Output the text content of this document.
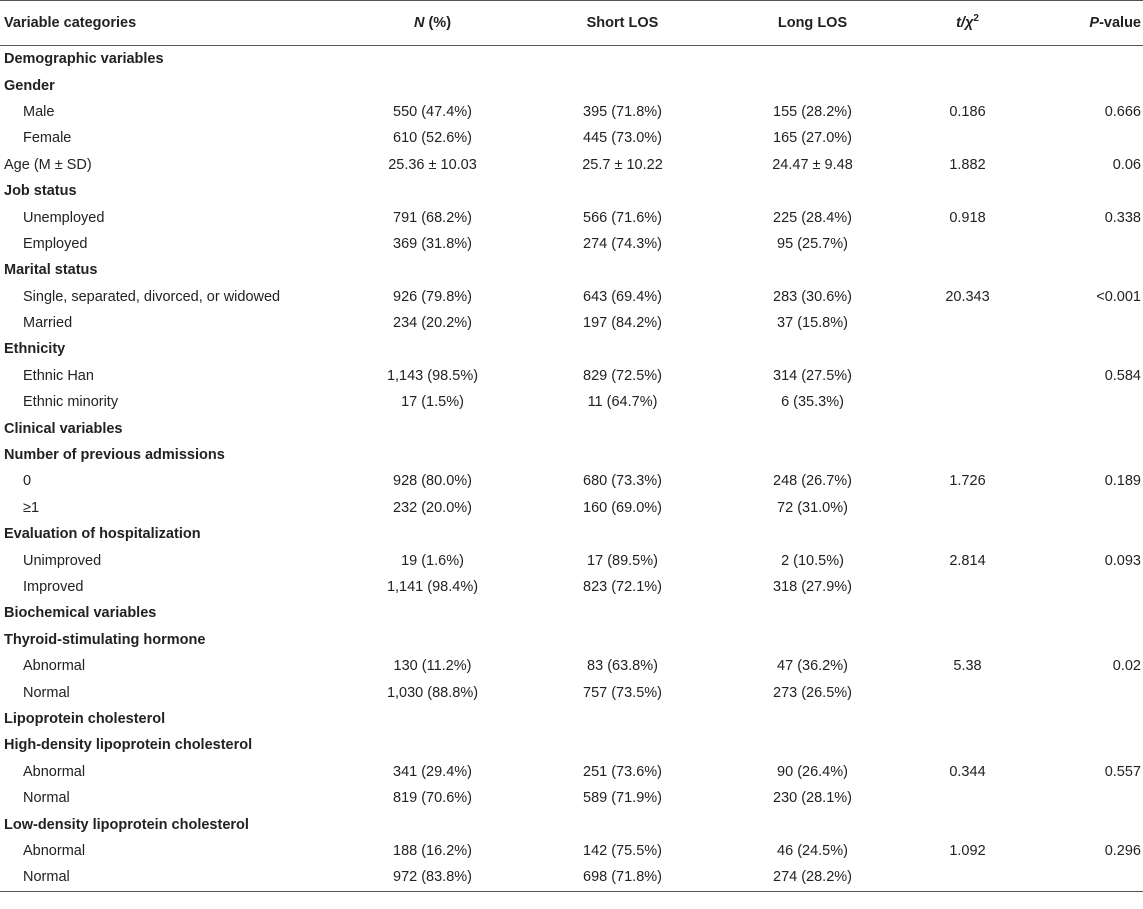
Variable categories	N (%)	Short LOS	Long LOS	$t/\chi^2$	P-value
Demographic variables					
Gender					
Male	550 (47.4%)	395 (71.8%)	155 (28.2%)	0.186	0.666
Female	610 (52.6%)	445 (73.0%)	165 (27.0%)		
Age (M ± SD)	25.36 ± 10.03	25.7 ± 10.22	24.47 ± 9.48	1.882	0.06
Job status					
Unemployed	791 (68.2%)	566 (71.6%)	225 (28.4%)	0.918	0.338
Employed	369 (31.8%)	274 (74.3%)	95 (25.7%)		
Marital status					
Single, separated, divorced, or widowed	926 (79.8%)	643 (69.4%)	283 (30.6%)	20.343	<0.001
Married	234 (20.2%)	197 (84.2%)	37 (15.8%)		
Ethnicity					
Ethnic Han	1,143 (98.5%)	829 (72.5%)	314 (27.5%)		0.584
Ethnic minority	17 (1.5%)	11 (64.7%)	6 (35.3%)		
Clinical variables					
Number of previous admissions					
0	928 (80.0%)	680 (73.3%)	248 (26.7%)	1.726	0.189
≥1	232 (20.0%)	160 (69.0%)	72 (31.0%)		
Evaluation of hospitalization					
Unimproved	19 (1.6%)	17 (89.5%)	2 (10.5%)	2.814	0.093
Improved	1,141 (98.4%)	823 (72.1%)	318 (27.9%)		
Biochemical variables					
Thyroid-stimulating hormone					
Abnormal	130 (11.2%)	83 (63.8%)	47 (36.2%)	5.38	0.02
Normal	1,030 (88.8%)	757 (73.5%)	273 (26.5%)		
Lipoprotein cholesterol					
High-density lipoprotein cholesterol					
Abnormal	341 (29.4%)	251 (73.6%)	90 (26.4%)	0.344	0.557
Normal	819 (70.6%)	589 (71.9%)	230 (28.1%)		
Low-density lipoprotein cholesterol					
Abnormal	188 (16.2%)	142 (75.5%)	46 (24.5%)	1.092	0.296
Normal	972 (83.8%)	698 (71.8%)	274 (28.2%)		
